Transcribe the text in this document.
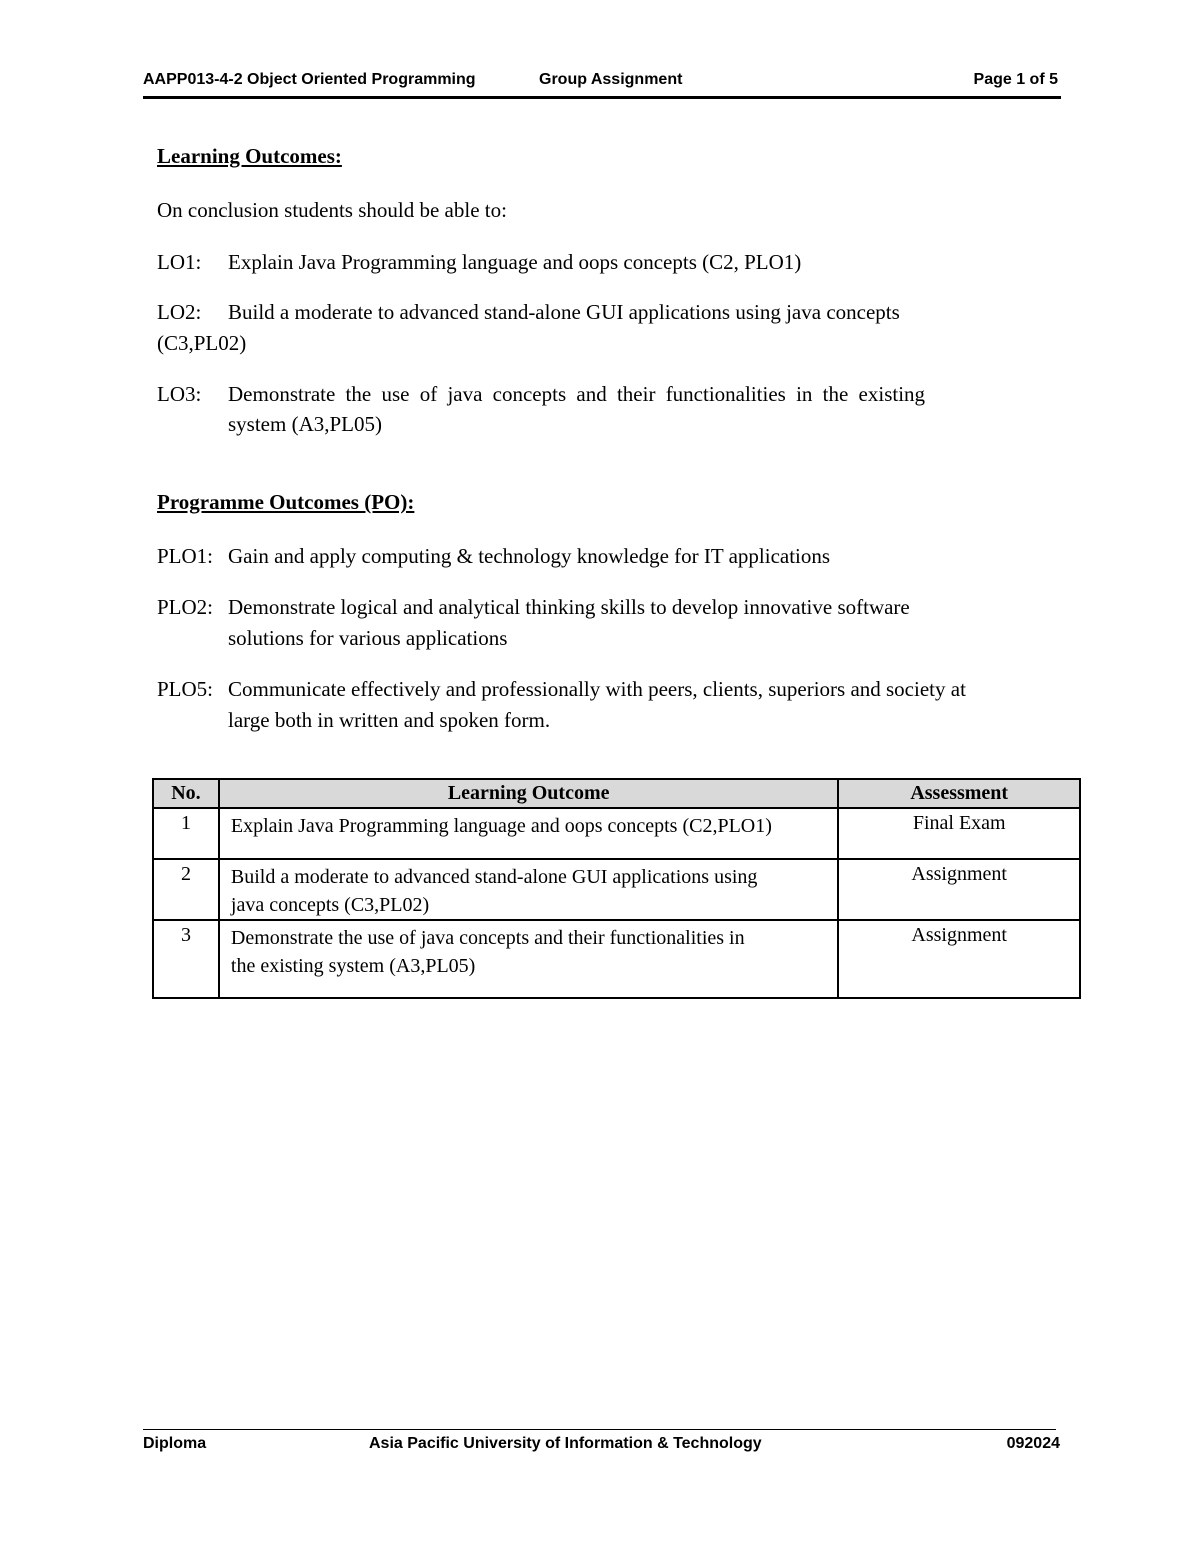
AAPP013-4-2 Object Oriented Programming	Group Assignment	Page 1 of 5
Learning Outcomes:
On conclusion students should be able to:
LO1: Explain Java Programming language and oops concepts (C2, PLO1)
LO2: Build a moderate to advanced stand-alone GUI applications using java concepts
(C3,PL02)
LO3: Demonstrate the use of java concepts and their functionalities in the existing
system (A3,PL05)
Programme Outcomes (PO):
PLO1: Gain and apply computing & technology knowledge for IT applications
PLO2: Demonstrate logical and analytical thinking skills to develop innovative software
solutions for various applications
PLO5: Communicate effectively and professionally with peers, clients, superiors and society at
large both in written and spoken form.
No.	Learning Outcome	Assessment
1	Explain Java Programming language and oops concepts (C2,PLO1)	Final Exam
2	Build a moderate to advanced stand-alone GUI applications using
java concepts (C3,PL02)	Assignment
3	Demonstrate the use of java concepts and their functionalities in
the existing system (A3,PL05)	Assignment
Diploma	Asia Pacific University of Information & Technology	092024
